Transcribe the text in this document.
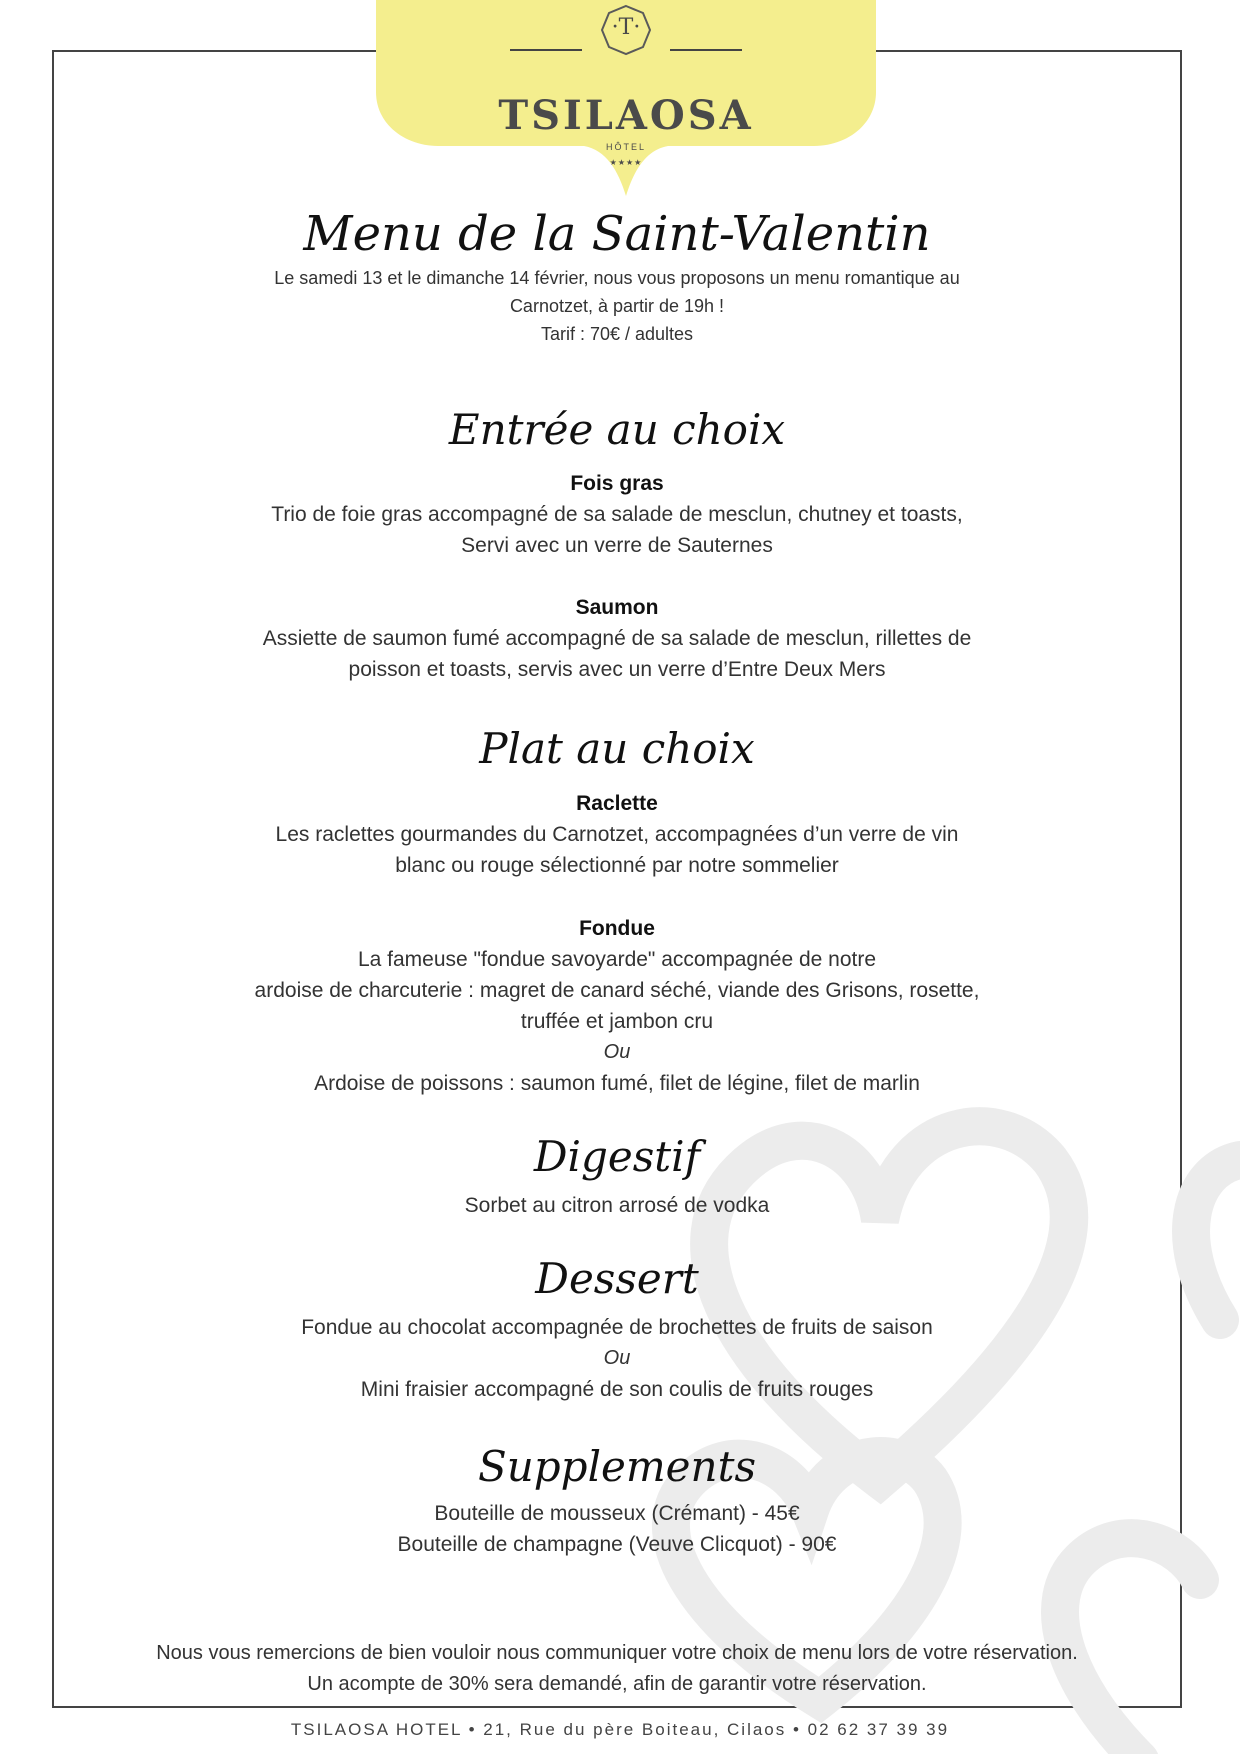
·T·
TSILAOSA
HÔTEL
★★★★
Menu de la Saint-Valentin
Le samedi 13 et le dimanche 14 février, nous vous proposons un menu romantique au
Carnotzet, à partir de 19h !
Tarif : 70€ / adultes
Entrée au choix
Fois gras
Trio de foie gras accompagné de sa salade de mesclun, chutney et toasts,
Servi avec un verre de Sauternes
Saumon
Assiette de saumon fumé accompagné de sa salade de mesclun, rillettes de
poisson et toasts, servis avec un verre d’Entre Deux Mers
Plat au choix
Raclette
Les raclettes gourmandes du Carnotzet, accompagnées d’un verre de vin
blanc ou rouge sélectionné par notre sommelier
Fondue
La fameuse "fondue savoyarde" accompagnée de notre
ardoise de charcuterie : magret de canard séché, viande des Grisons, rosette,
truffée et jambon cru
Ou
Ardoise de poissons : saumon fumé, filet de légine, filet de marlin
Digestif
Sorbet au citron arrosé de vodka
Dessert
Fondue au chocolat accompagnée de brochettes de fruits de saison
Ou
Mini fraisier accompagné de son coulis de fruits rouges
Supplements
Bouteille de mousseux (Crémant) - 45€
Bouteille de champagne (Veuve Clicquot) - 90€
Nous vous remercions de bien vouloir nous communiquer votre choix de menu lors de votre réservation.
Un acompte de 30% sera demandé, afin de garantir votre réservation.
TSILAOSA HOTEL • 21, Rue du père Boiteau, Cilaos • 02 62 37 39 39
